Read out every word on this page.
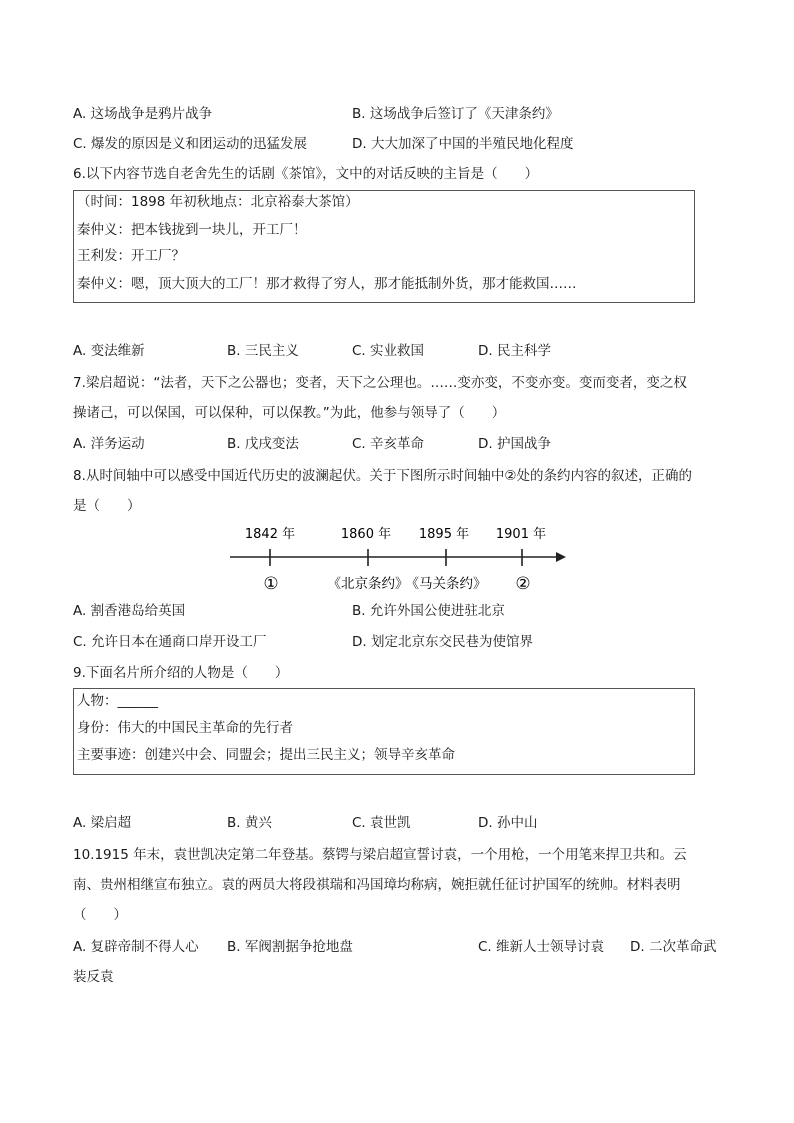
A. 这场战争是鸦片战争	B. 这场战争后签订了《天津条约》
C. 爆发的原因是义和团运动的迅猛发展	D. 大大加深了中国的半殖民地化程度
6.以下内容节选自老舍先生的话剧《茶馆》，文中的对话反映的主旨是（　　）
（时间：1898 年初秋地点：北京裕泰大茶馆）
秦仲义：把本钱拢到一块儿，开工厂！
王利发：开工厂？
秦仲义：嗯，顶大顶大的工厂！那才救得了穷人，那才能抵制外货，那才能救国……
A. 变法维新	B. 三民主义	C. 实业救国	D. 民主科学
7.梁启超说：“法者，天下之公器也；变者，天下之公理也。……变亦变，不变亦变。变而变者，变之权
操诸己，可以保国，可以保种，可以保教。”为此，他参与领导了（　　）
A. 洋务运动	B. 戊戌变法	C. 辛亥革命	D. 护国战争
8.从时间轴中可以感受中国近代历史的波澜起伏。关于下图所示时间轴中②处的条约内容的叙述，正确的
是（　　）
1842 年	1860 年 1895 年 1901 年
①	《北京条约》
《马关条约》 ②
A. 割香港岛给英国	B. 允许外国公使进驻北京
C. 允许日本在通商口岸开设工厂	D. 划定北京东交民巷为使馆界
9.下面名片所介绍的人物是（　　）
人物：______
身份：伟大的中国民主革命的先行者
主要事迹：创建兴中会、同盟会；提出三民主义；领导辛亥革命
A. 梁启超	B. 黄兴	C. 袁世凯	D. 孙中山
10.1915 年末，袁世凯决定第二年登基。蔡锷与梁启超宣誓讨袁，一个用枪，一个用笔来捍卫共和。云
南、贵州相继宣布独立。袁的两员大将段祺瑞和冯国璋均称病，婉拒就任征讨护国军的统帅。材料表明
（　　）
A. 复辟帝制不得人心 B. 军阀割据争抢地盘	C. 维新人士领导讨袁 D. 二次革命武
装反袁
